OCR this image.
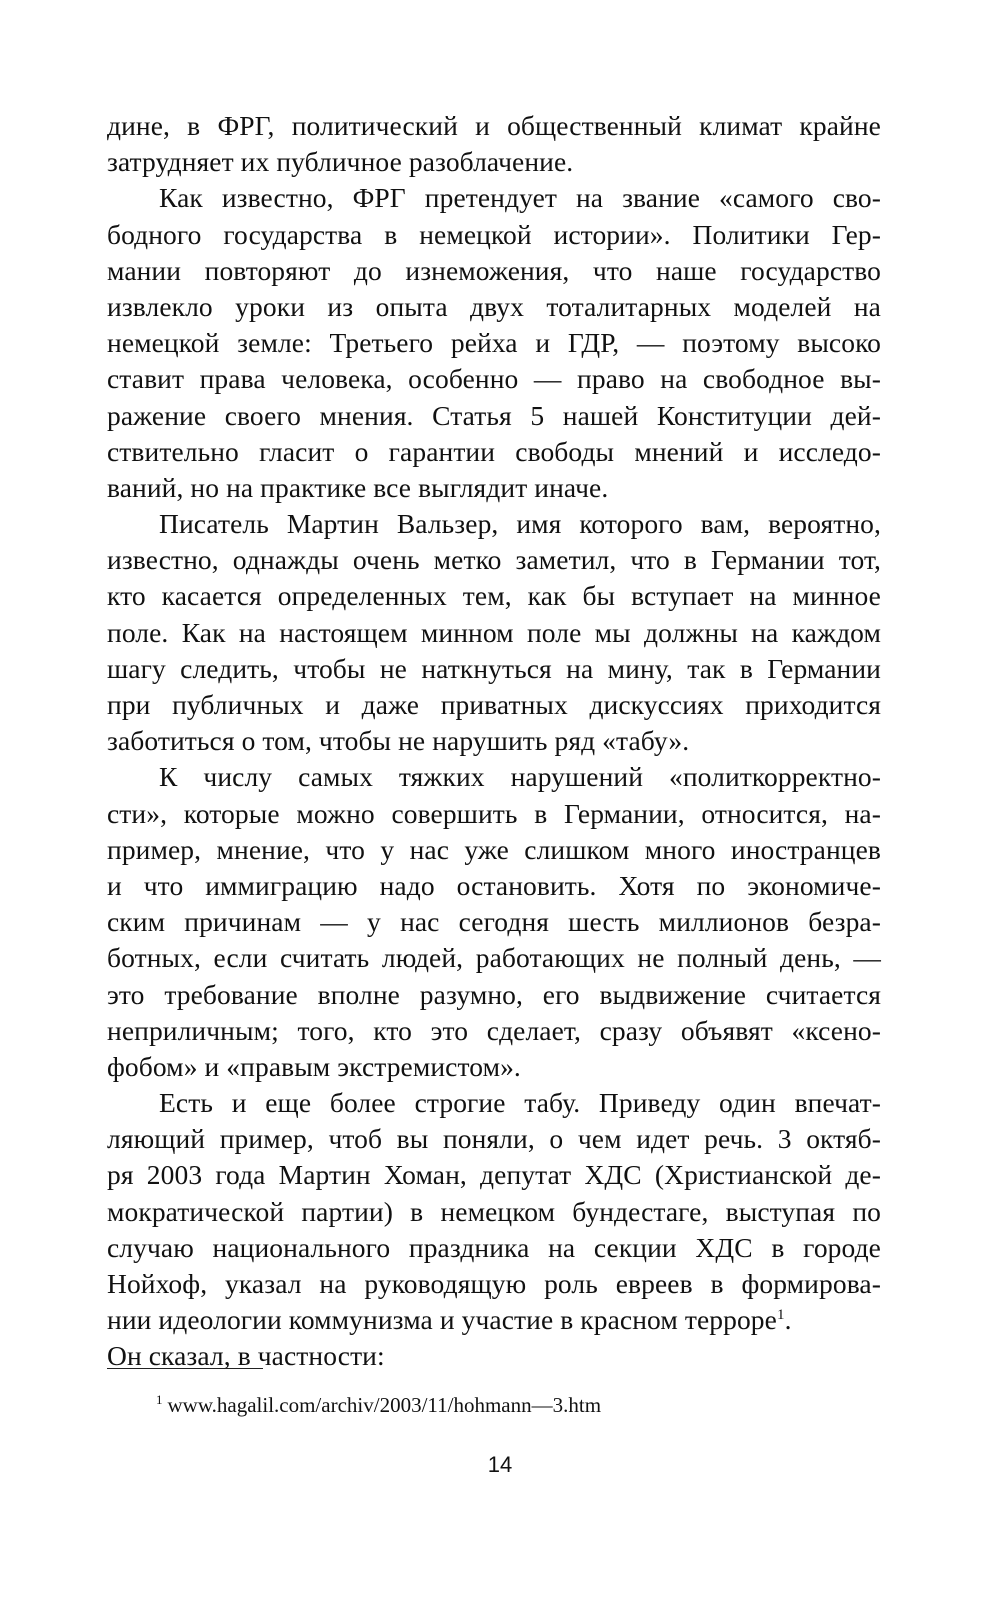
дине, в ФРГ, политический и общественный климат крайне
затрудняет их публичное разоблачение.
Как известно, ФРГ претендует на звание «самого сво-
бодного государства в немецкой истории». Политики Гер-
мании повторяют до изнеможения, что наше государство
извлекло уроки из опыта двух тоталитарных моделей на
немецкой земле: Третьего рейха и ГДР, — поэтому высоко
ставит права человека, особенно — право на свободное вы-
ражение своего мнения. Статья 5 нашей Конституции дей-
ствительно гласит о гарантии свободы мнений и исследо-
ваний, но на практике все выглядит иначе.
Писатель Мартин Вальзер, имя которого вам, вероятно,
известно, однажды очень метко заметил, что в Германии тот,
кто касается определенных тем, как бы вступает на минное
поле. Как на настоящем минном поле мы должны на каждом
шагу следить, чтобы не наткнуться на мину, так в Германии
при публичных и даже приватных дискуссиях приходится
заботиться о том, чтобы не нарушить ряд «табу».
К числу самых тяжких нарушений «политкорректно-
сти», которые можно совершить в Германии, относится, на-
пример, мнение, что у нас уже слишком много иностранцев
и что иммиграцию надо остановить. Хотя по экономиче-
ским причинам — у нас сегодня шесть миллионов безра-
ботных, если считать людей, работающих не полный день, —
это требование вполне разумно, его выдвижение считается
неприличным; того, кто это сделает, сразу объявят «ксено-
фобом» и «правым экстремистом».
Есть и еще более строгие табу. Приведу один впечат-
ляющий пример, чтоб вы поняли, о чем идет речь. 3 октяб-
ря 2003 года Мартин Хоман, депутат ХДС (Христианской де-
мократической партии) в немецком бундестаге, выступая по
случаю национального праздника на секции ХДС в городе
Нойхоф, указал на руководящую роль евреев в формирова-
нии идеологии коммунизма и участие в красном терроре$^1$.
Он сказал, в частности:
$^1$ www.hagalil.com/archiv/2003/11/hohmann—3.htm
14
